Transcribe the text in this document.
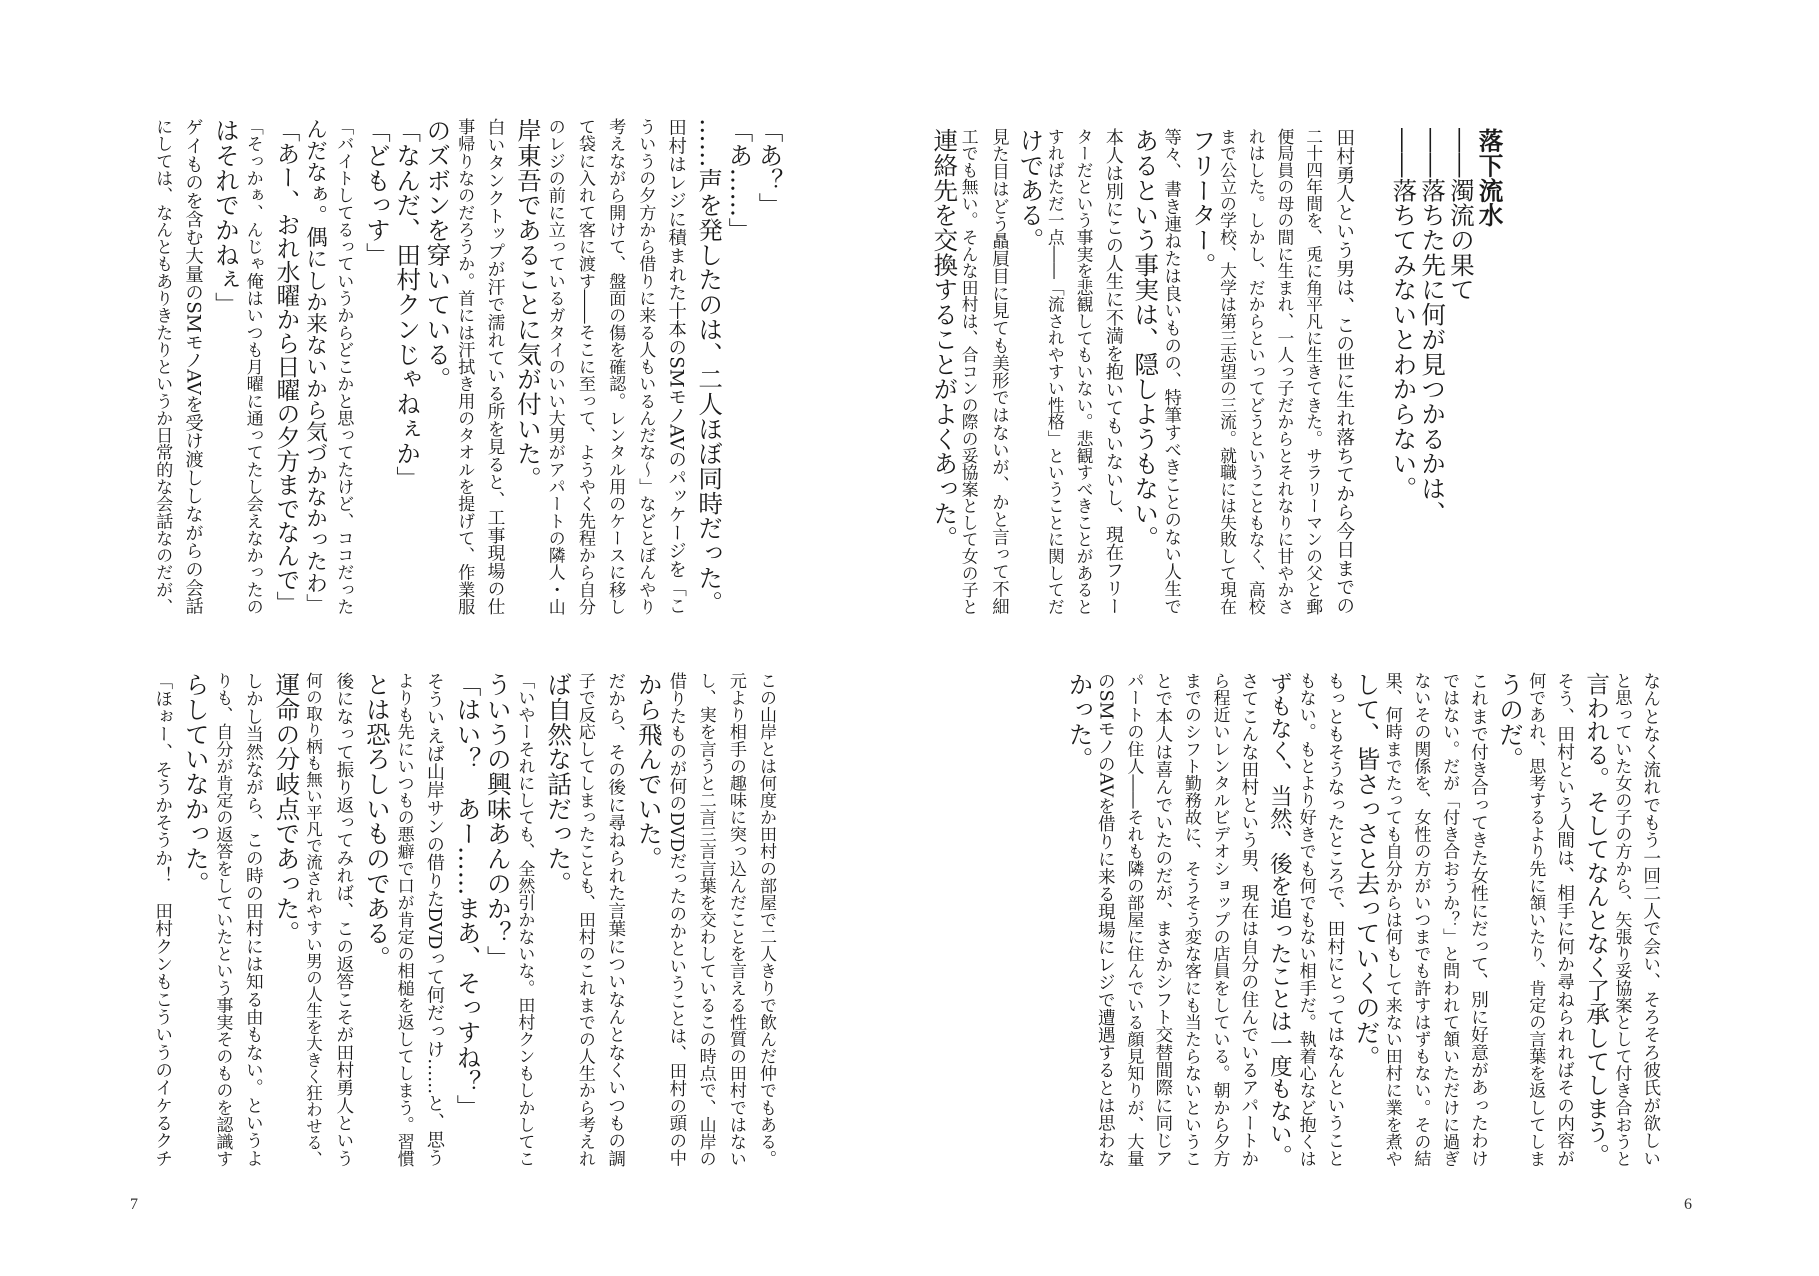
落下流水
――濁流の果て
――落ちた先に何が見つかるかは、
――落ちてみないとわからない。
田村勇人という男は、この世に生れ落ちてから今日までの
二十四年間を、兎に角平凡に生きてきた。サラリーマンの父と郵
便局員の母の間に生まれ、一人っ子だからとそれなりに甘やかさ
れはした。しかし、だからといってどうということもなく、高校
まで公立の学校、大学は第三志望の三流。就職には失敗して現在
フリーター。
等々、書き連ねたは良いものの、特筆すべきことのない人生で
あるという事実は、隠しようもない。
本人は別にこの人生に不満を抱いてもいないし、現在フリー
ターだという事実を悲観してもいない。悲観すべきことがあると
すればただ一点――「流されやすい性格」ということに関してだ
けである。
見た目はどう贔屓目に見ても美形ではないが、かと言って不細
工でも無い。そんな田村は、合コンの際の妥協案として女の子と
連絡先を交換することがよくあった。
なんとなく流れでもう一回二人で会い、そろそろ彼氏が欲しい
と思っていた女の子の方から、矢張り妥協案として付き合おうと
言われる。そしてなんとなく了承してしまう。
そう、田村という人間は、相手に何か尋ねられればその内容が
何であれ、思考するより先に頷いたり、肯定の言葉を返してしま
うのだ。
これまで付き合ってきた女性にだって、別に好意があったわけ
ではない。だが「付き合おうか？」と問われて頷いただけに過ぎ
ないその関係を、女性の方がいつまでも許すはずもない。その結
果、何時までたっても自分からは何もして来ない田村に業を煮や
して、皆さっさと去っていくのだ。
もっともそうなったところで、田村にとってはなんということ
もない。もとより好きでも何でもない相手だ。執着心など抱くは
ずもなく、当然、後を追ったことは一度もない。
さてこんな田村という男、現在は自分の住んでいるアパートか
ら程近いレンタルビデオショップの店員をしている。朝から夕方
までのシフト勤務故に、そうそう変な客にも当たらないというこ
とで本人は喜んでいたのだが、まさかシフト交替間際に同じア
パートの住人――それも隣の部屋に住んでいる顔見知りが、大量
のSMモノのAVを借りに来る現場にレジで遭遇するとは思わな
かった。
6
「あ？」
「あ……」
……声を発したのは、二人ほぼ同時だった。
田村はレジに積まれた十本のSMモノAVのパッケージを「こ
ういうの夕方から借りに来る人もいるんだな～」などとぼんやり
考えながら開けて、盤面の傷を確認。レンタル用のケースに移し
て袋に入れて客に渡す――そこに至って、ようやく先程から自分
のレジの前に立っているガタイのいい大男がアパートの隣人・山
岸東吾であることに気が付いた。
白いタンクトップが汗で濡れている所を見ると、工事現場の仕
事帰りなのだろうか。首には汗拭き用のタオルを提げて、作業服
のズボンを穿いている。
「なんだ、田村クンじゃねぇか」
「どもっす」
「バイトしてるっていうからどこかと思ってたけど、ココだった
んだなぁ。偶にしか来ないから気づかなかったわ」
「あー、おれ水曜から日曜の夕方までなんで」
「そっかぁ、んじゃ俺はいつも月曜に通ってたし会えなかったの
はそれでかねぇ」
ゲイものを含む大量のSMモノAVを受け渡ししながらの会話
にしては、なんともありきたりというか日常的な会話なのだが、
この山岸とは何度か田村の部屋で二人きりで飲んだ仲でもある。
元より相手の趣味に突っ込んだことを言える性質の田村ではない
し、実を言うと二言三言言葉を交わしているこの時点で、山岸の
借りたものが何のDVDだったのかということは、田村の頭の中
から飛んでいた。
だから、その後に尋ねられた言葉についなんとなくいつもの調
子で反応してしまったことも、田村のこれまでの人生から考えれ
ば自然な話だった。
「いやーそれにしても、全然引かないな。田村クンもしかしてこ
ういうの興味あんのか？」
「はい？　あー……まあ、そっすね？」
そういえば山岸サンの借りたDVDって何だっけ……と、思う
よりも先にいつもの悪癖で口が肯定の相槌を返してしまう。習慣
とは恐ろしいものである。
後になって振り返ってみれば、この返答こそが田村勇人という
何の取り柄も無い平凡で流されやすい男の人生を大きく狂わせる、
運命の分岐点であった。
しかし当然ながら、この時の田村には知る由もない。というよ
りも、自分が肯定の返答をしていたという事実そのものを認識す
らしていなかった。
「ほぉー、そうかそうか！　田村クンもこういうのイケるクチ
7
